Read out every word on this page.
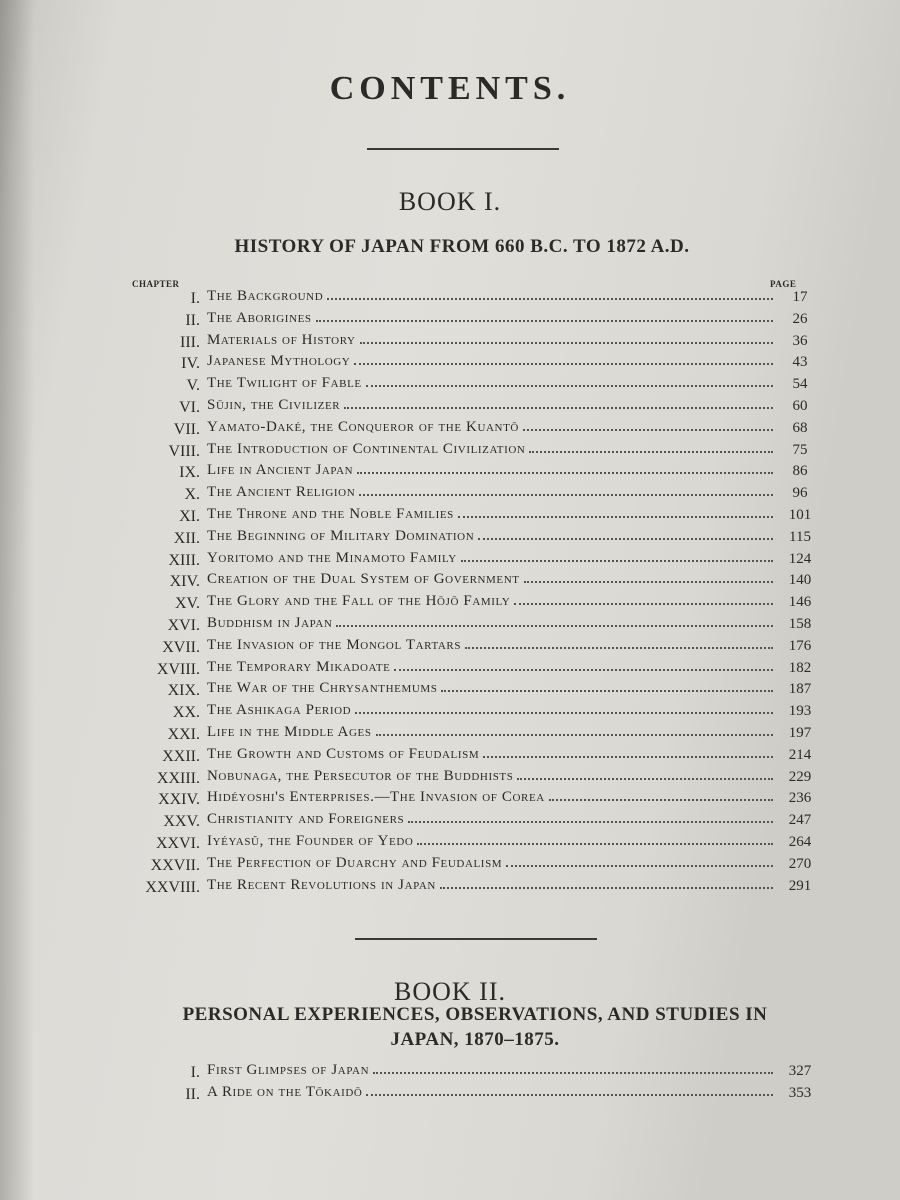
CONTENTS.
BOOK I.
HISTORY OF JAPAN FROM 660 B.C. TO 1872 A.D.
CHAPTER	PAGE
I. The Background	17
II. The Aborigines	26
III. Materials of History	36
IV. Japanese Mythology	43
V. The Twilight of Fable	54
VI. Sūjin, the Civilizer	60
VII. Yamato-Daké, the Conqueror of the Kuantō	68
VIII. The Introduction of Continental Civilization	75
IX. Life in Ancient Japan	86
X. The Ancient Religion	96
XI. The Throne and the Noble Families	101
XII. The Beginning of Military Domination	115
XIII. Yoritomo and the Minamoto Family	124
XIV. Creation of the Dual System of Government	140
XV. The Glory and the Fall of the Hōjō Family	146
XVI. Buddhism in Japan	158
XVII. The Invasion of the Mongol Tartars	176
XVIII. The Temporary Mikadoate	182
XIX. The War of the Chrysanthemums	187
XX. The Ashikaga Period	193
XXI. Life in the Middle Ages	197
XXII. The Growth and Customs of Feudalism	214
XXIII. Nobunaga, the Persecutor of the Buddhists	229
XXIV. Hidéyoshi's Enterprises.—The Invasion of Corea	236
XXV. Christianity and Foreigners	247
XXVI. Iyéyasŭ, the Founder of Yedo	264
XXVII. The Perfection of Duarchy and Feudalism	270
XXVIII. The Recent Revolutions in Japan	291
BOOK II.
PERSONAL EXPERIENCES, OBSERVATIONS, AND STUDIES IN
JAPAN, 1870–1875.
I. First Glimpses of Japan	327
II. A Ride on the Tōkaidō	353
